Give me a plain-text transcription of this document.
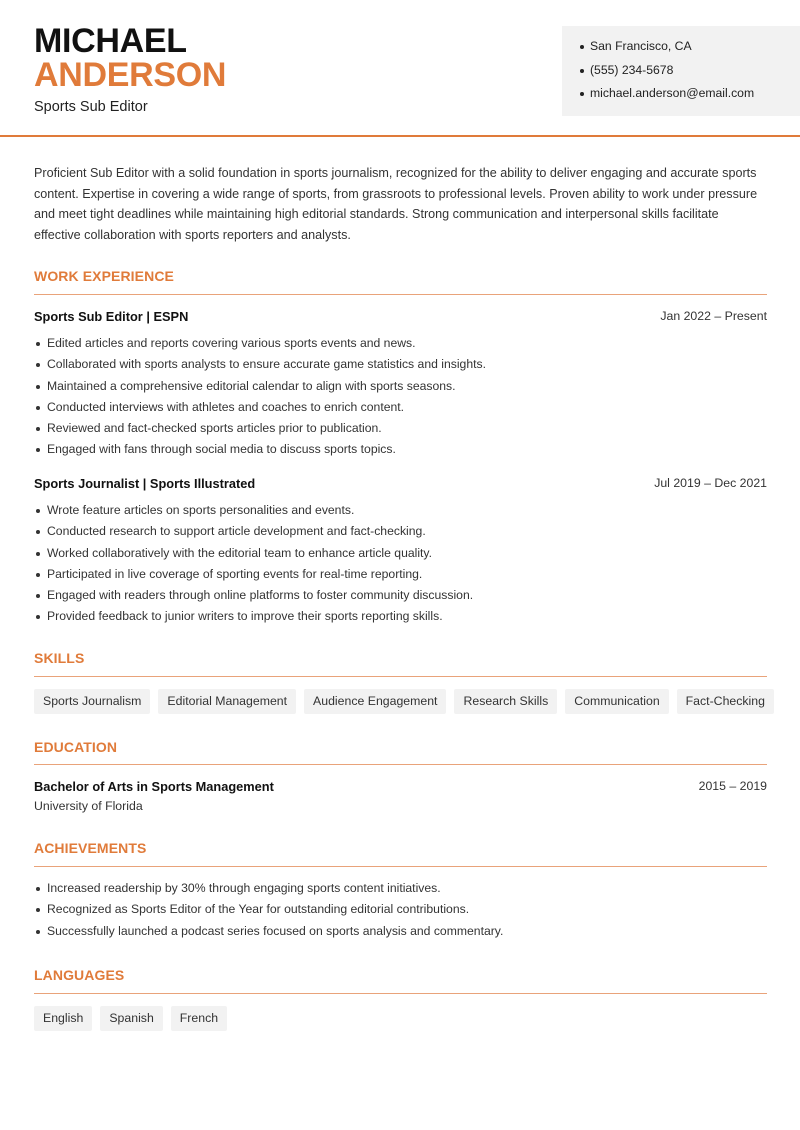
MICHAEL
ANDERSON
Sports Sub Editor
San Francisco, CA
(555) 234-5678
michael.anderson@email.com

Proficient Sub Editor with a solid foundation in sports journalism, recognized for the ability to deliver engaging and accurate sports content. Expertise in covering a wide range of sports, from grassroots to professional levels. Proven ability to work under pressure and meet tight deadlines while maintaining high editorial standards. Strong communication and interpersonal skills facilitate effective collaboration with sports reporters and analysts.

WORK EXPERIENCE
Sports Sub Editor | ESPN	Jan 2022 – Present
Edited articles and reports covering various sports events and news.
Collaborated with sports analysts to ensure accurate game statistics and insights.
Maintained a comprehensive editorial calendar to align with sports seasons.
Conducted interviews with athletes and coaches to enrich content.
Reviewed and fact-checked sports articles prior to publication.
Engaged with fans through social media to discuss sports topics.
Sports Journalist | Sports Illustrated	Jul 2019 – Dec 2021
Wrote feature articles on sports personalities and events.
Conducted research to support article development and fact-checking.
Worked collaboratively with the editorial team to enhance article quality.
Participated in live coverage of sporting events for real-time reporting.
Engaged with readers through online platforms to foster community discussion.
Provided feedback to junior writers to improve their sports reporting skills.
SKILLS
Sports Journalism	Editorial Management	Audience Engagement	Research Skills	Communication	Fact-Checking
EDUCATION
Bachelor of Arts in Sports Management	2015 – 2019
University of Florida
ACHIEVEMENTS
Increased readership by 30% through engaging sports content initiatives.
Recognized as Sports Editor of the Year for outstanding editorial contributions.
Successfully launched a podcast series focused on sports analysis and commentary.
LANGUAGES
English	Spanish	French
